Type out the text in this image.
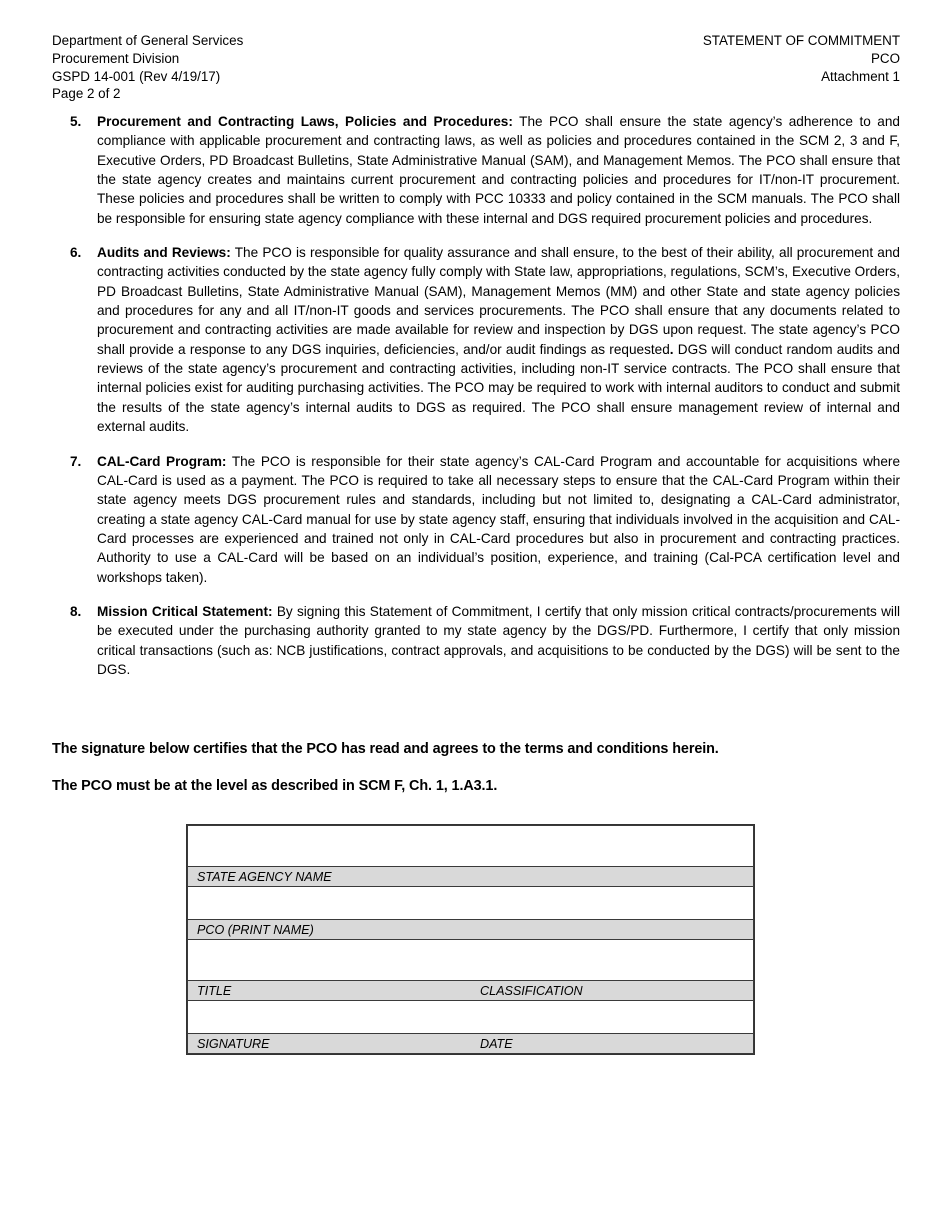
Department of General Services
Procurement Division
GSPD 14-001 (Rev 4/19/17)
Page 2 of 2
STATEMENT OF COMMITMENT
PCO
Attachment 1
5.	Procurement and Contracting Laws, Policies and Procedures: The PCO shall ensure the state agency’s adherence to and compliance with applicable procurement and contracting laws, as well as policies and procedures contained in the SCM 2, 3 and F, Executive Orders, PD Broadcast Bulletins, State Administrative Manual (SAM), and Management Memos. The PCO shall ensure that the state agency creates and maintains current procurement and contracting policies and procedures for IT/non-IT procurement. These policies and procedures shall be written to comply with PCC 10333 and policy contained in the SCM manuals. The PCO shall be responsible for ensuring state agency compliance with these internal and DGS required procurement policies and procedures.
6.	Audits and Reviews: The PCO is responsible for quality assurance and shall ensure, to the best of their ability, all procurement and contracting activities conducted by the state agency fully comply with State law, appropriations, regulations, SCM’s, Executive Orders, PD Broadcast Bulletins, State Administrative Manual (SAM), Management Memos (MM) and other State and state agency policies and procedures for any and all IT/non-IT goods and services procurements. The PCO shall ensure that any documents related to procurement and contracting activities are made available for review and inspection by DGS upon request. The state agency’s PCO shall provide a response to any DGS inquiries, deficiencies, and/or audit findings as requested. DGS will conduct random audits and reviews of the state agency’s procurement and contracting activities, including non-IT service contracts. The PCO shall ensure that internal policies exist for auditing purchasing activities. The PCO may be required to work with internal auditors to conduct and submit the results of the state agency’s internal audits to DGS as required. The PCO shall ensure management review of internal and external audits.
7.	CAL-Card Program: The PCO is responsible for their state agency’s CAL-Card Program and accountable for acquisitions where CAL-Card is used as a payment. The PCO is required to take all necessary steps to ensure that the CAL-Card Program within their state agency meets DGS procurement rules and standards, including but not limited to, designating a CAL-Card administrator, creating a state agency CAL-Card manual for use by state agency staff, ensuring that individuals involved in the acquisition and CAL-Card processes are experienced and trained not only in CAL-Card procedures but also in procurement and contracting practices. Authority to use a CAL-Card will be based on an individual’s position, experience, and training (Cal-PCA certification level and workshops taken).
8.	Mission Critical Statement: By signing this Statement of Commitment, I certify that only mission critical contracts/procurements will be executed under the purchasing authority granted to my state agency by the DGS/PD. Furthermore, I certify that only mission critical transactions (such as: NCB justifications, contract approvals, and acquisitions to be conducted by the DGS) will be sent to the DGS.
The signature below certifies that the PCO has read and agrees to the terms and conditions herein.
The PCO must be at the level as described in SCM F, Ch. 1, 1.A3.1.

STATE AGENCY NAME

PCO (PRINT NAME)

TITLE	CLASSIFICATION

SIGNATURE	DATE
